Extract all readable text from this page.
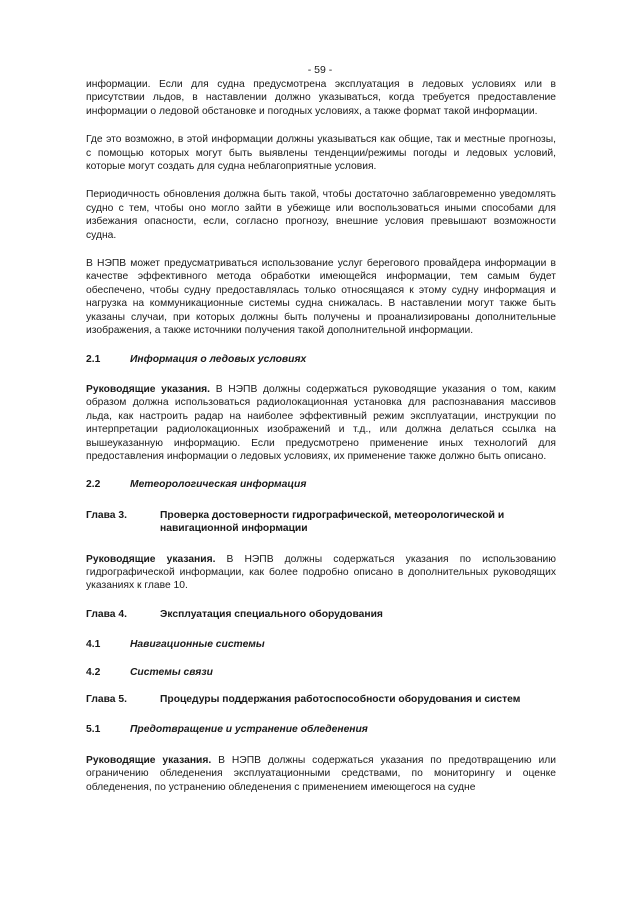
- 59 -

информации. Если для судна предусмотрена эксплуатация в ледовых условиях или в присутствии льдов, в наставлении должно указываться, когда требуется предоставление информации о ледовой обстановке и погодных условиях, а также формат такой информации.

Где это возможно, в этой информации должны указываться как общие, так и местные прогнозы, с помощью которых могут быть выявлены тенденции/режимы погоды и ледовых условий, которые могут создать для судна неблагоприятные условия.

Периодичность обновления должна быть такой, чтобы достаточно заблаговременно уведомлять судно с тем, чтобы оно могло зайти в убежище или воспользоваться иными способами для избежания опасности, если, согласно прогнозу, внешние условия превышают возможности судна.

В НЭПВ может предусматриваться использование услуг берегового провайдера информации в качестве эффективного метода обработки имеющейся информации, тем самым будет обеспечено, чтобы судну предоставлялась только относящаяся к этому судну информация и нагрузка на коммуникационные системы судна снижалась. В наставлении могут также быть указаны случаи, при которых должны быть получены и проанализированы дополнительные изображения, а также источники получения такой дополнительной информации.

2.1	Информация о ледовых условиях

Руководящие указания. В НЭПВ должны содержаться руководящие указания о том, каким образом должна использоваться радиолокационная установка для распознавания массивов льда, как настроить радар на наиболее эффективный режим эксплуатации, инструкции по интерпретации радиолокационных изображений и т.д., или должна делаться ссылка на вышеуказанную информацию. Если предусмотрено применение иных технологий для предоставления информации о ледовых условиях, их применение также должно быть описано.

2.2	Метеорологическая информация
Глава 3.	Проверка достоверности гидрографической, метеорологической и навигационной информации

Руководящие указания. В НЭПВ должны содержаться указания по использованию гидрографической информации, как более подробно описано в дополнительных руководящих указаниях к главе 10.

Глава 4.	Эксплуатация специального оборудования
4.1	Навигационные системы
4.2	Системы связи
Глава 5.	Процедуры поддержания работоспособности оборудования и систем
5.1	Предотвращение и устранение обледенения

Руководящие указания. В НЭПВ должны содержаться указания по предотвращению или ограничению обледенения эксплуатационными средствами, по мониторингу и оценке обледенения, по устранению обледенения с применением имеющегося на судне
